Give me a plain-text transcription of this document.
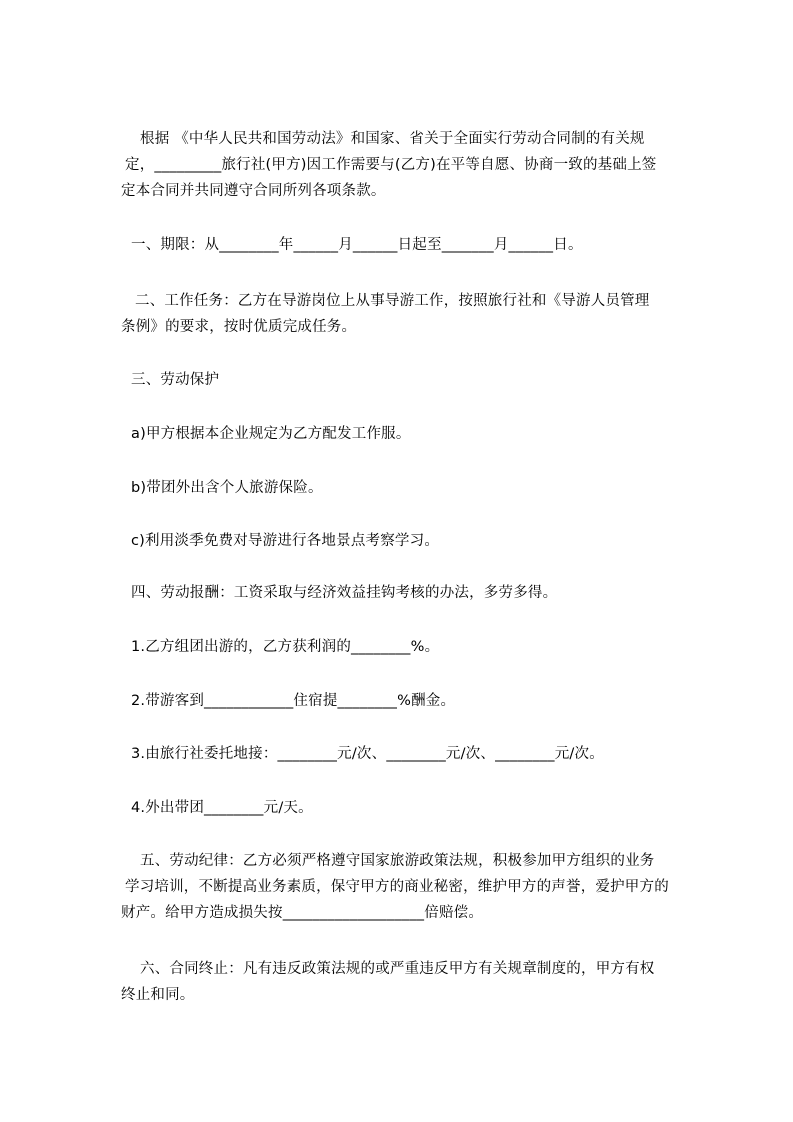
根据 《中华人民共和国劳动法》和国家、省关于全面实行劳动合同制的有关规
定，_________旅行社(甲方)因工作需要与(乙方)在平等自愿、协商一致的基础上签
定本合同并共同遵守合同所列各项条款。
一、期限：从________年______月______日起至_______月______日。
二、工作任务：乙方在导游岗位上从事导游工作，按照旅行社和《导游人员管理
条例》的要求，按时优质完成任务。
三、劳动保护
a)甲方根据本企业规定为乙方配发工作服。
b)带团外出含个人旅游保险。
c)利用淡季免费对导游进行各地景点考察学习。
四、劳动报酬：工资采取与经济效益挂钩考核的办法，多劳多得。
1.乙方组团出游的，乙方获利润的________%。
2.带游客到____________住宿提________%酬金。
3.由旅行社委托地接：________元/次、________元/次、________元/次。
4.外出带团________元/天。
五、劳动纪律：乙方必须严格遵守国家旅游政策法规，积极参加甲方组织的业务
学习培训，不断提高业务素质，保守甲方的商业秘密，维护甲方的声誉，爱护甲方的
财产。给甲方造成损失按___________________倍赔偿。
六、合同终止：凡有违反政策法规的或严重违反甲方有关规章制度的，甲方有权
终止和同。
